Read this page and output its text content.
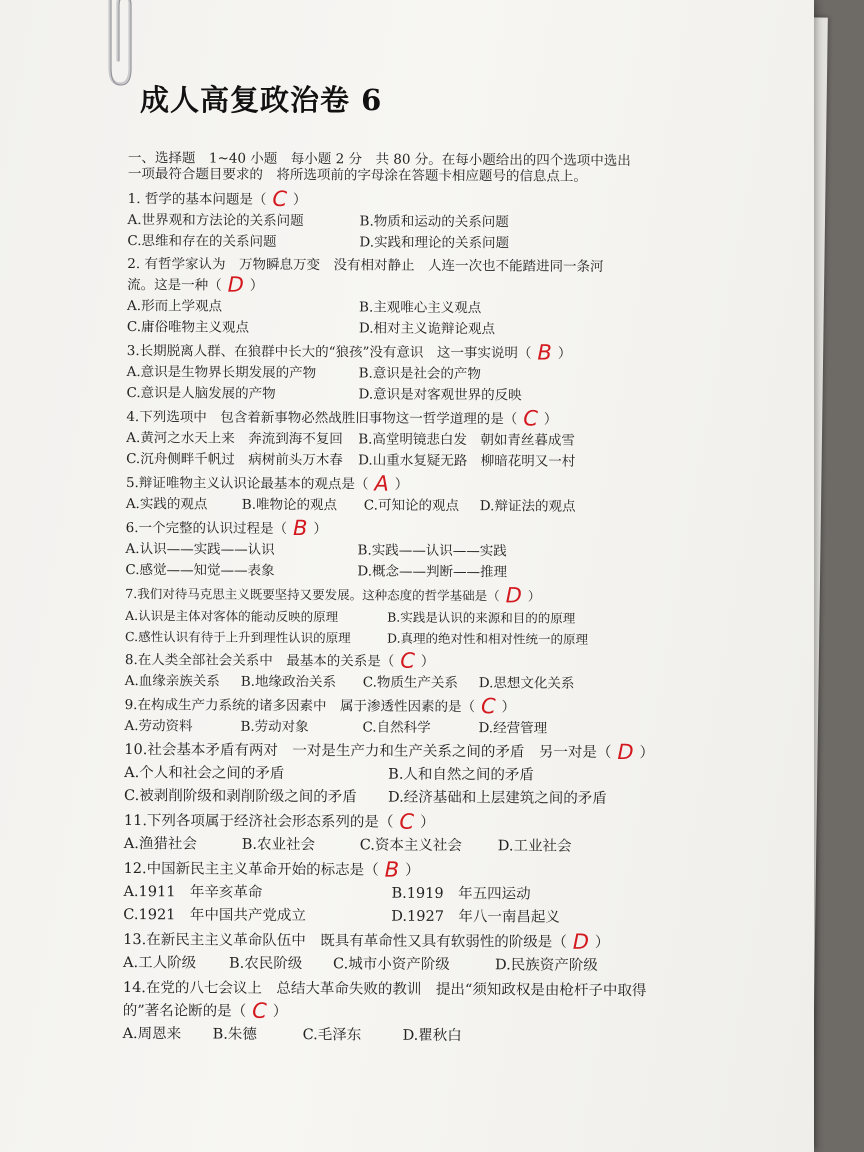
成人高复政治卷 6
一、选择题　1~40 小题　每小题 2 分　共 80 分。在每小题给出的四个选项中选出一项最符合题目要求的　将所选项前的字母涂在答题卡相应题号的信息点上。
1. 哲学的基本问题是（ C ）
A.世界观和方法论的关系问题	B.物质和运动的关系问题
C.思维和存在的关系问题	D.实践和理论的关系问题
2. 有哲学家认为　万物瞬息万变　没有相对静止　人连一次也不能踏进同一条河流。这是一种（ D ）
A.形而上学观点	B.主观唯心主义观点
C.庸俗唯物主义观点	D.相对主义诡辩论观点
3.长期脱离人群、在狼群中长大的“狼孩”没有意识　这一事实说明（ B ）
A.意识是生物界长期发展的产物	B.意识是社会的产物
C.意识是人脑发展的产物	D.意识是对客观世界的反映
4.下列选项中　包含着新事物必然战胜旧事物这一哲学道理的是（ C ）
A.黄河之水天上来　奔流到海不复回	B.高堂明镜悲白发　朝如青丝暮成雪
C.沉舟侧畔千帆过　病树前头万木春	D.山重水复疑无路　柳暗花明又一村
5.辩证唯物主义认识论最基本的观点是（ A ）
A.实践的观点	B.唯物论的观点	C.可知论的观点	D.辩证法的观点
6.一个完整的认识过程是（ B ）
A.认识——实践——认识	B.实践——认识——实践
C.感觉——知觉——表象	D.概念——判断——推理
7.我们对待马克思主义既要坚持又要发展。这种态度的哲学基础是（ D ）
A.认识是主体对客体的能动反映的原理	B.实践是认识的来源和目的的原理
C.感性认识有待于上升到理性认识的原理	D.真理的绝对性和相对性统一的原理
8.在人类全部社会关系中　最基本的关系是（ C ）
A.血缘亲族关系	B.地缘政治关系	C.物质生产关系	D.思想文化关系
9.在构成生产力系统的诸多因素中　属于渗透性因素的是（ C ）
A.劳动资料	B.劳动对象	C.自然科学	D.经营管理
10.社会基本矛盾有两对　一对是生产力和生产关系之间的矛盾　另一对是（ D ）
A.个人和社会之间的矛盾	B.人和自然之间的矛盾
C.被剥削阶级和剥削阶级之间的矛盾	D.经济基础和上层建筑之间的矛盾
11.下列各项属于经济社会形态系列的是（ C ）
A.渔猎社会	B.农业社会	C.资本主义社会	D.工业社会
12.中国新民主主义革命开始的标志是（ B ）
A.1911　年辛亥革命	B.1919　年五四运动
C.1921　年中国共产党成立	D.1927　年八一南昌起义
13.在新民主主义革命队伍中　既具有革命性又具有软弱性的阶级是（ D ）
A.工人阶级	B.农民阶级	C.城市小资产阶级	D.民族资产阶级
14.在党的八七会议上　总结大革命失败的教训　提出“须知政权是由枪杆子中取得的”著名论断的是（ C ）
A.周恩来	B.朱德	C.毛泽东	D.瞿秋白
